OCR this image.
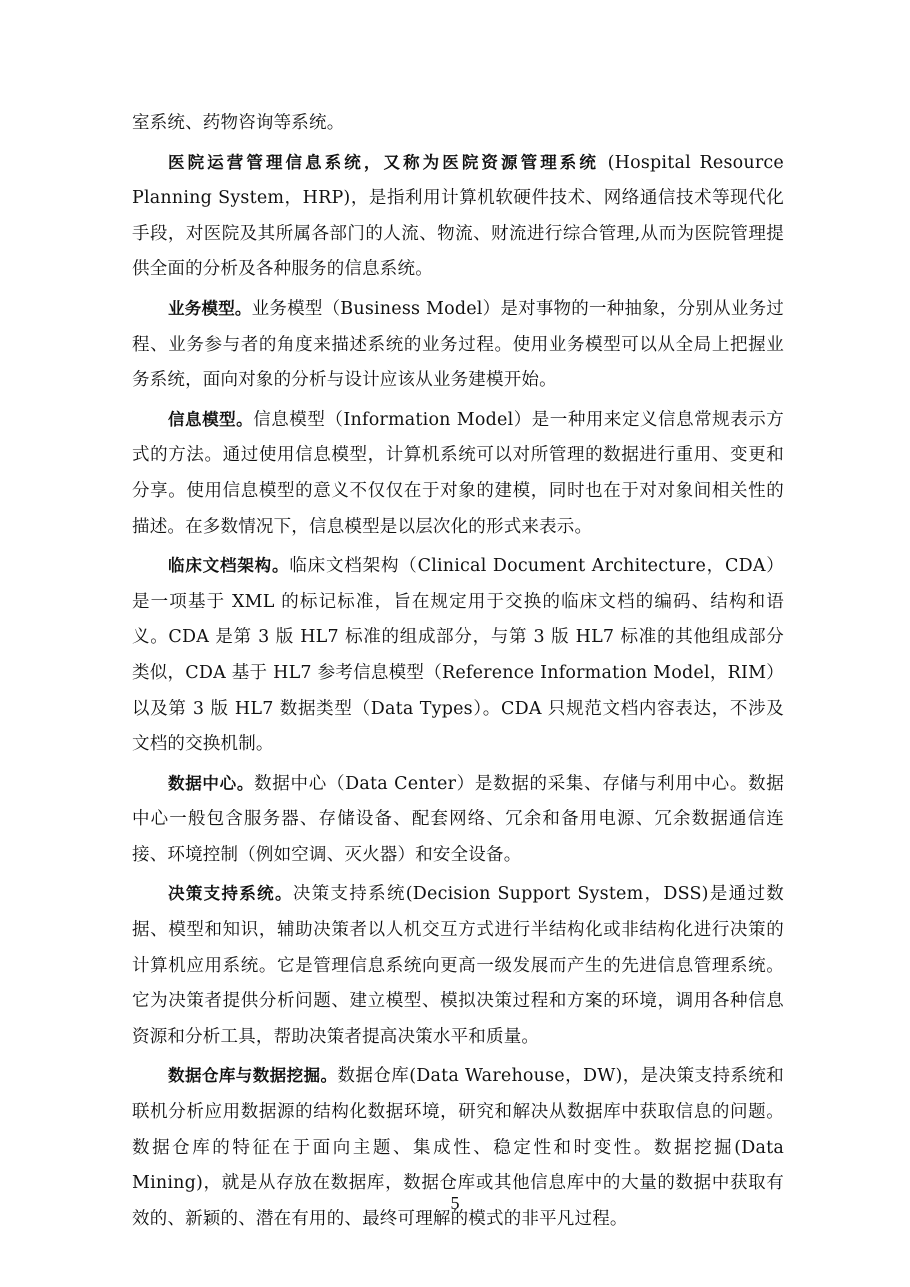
室系统、药物咨询等系统。

医院运营管理信息系统，又称为医院资源管理系统 (Hospital Resource Planning System，HRP)，是指利用计算机软硬件技术、网络通信技术等现代化手段，对医院及其所属各部门的人流、物流、财流进行综合管理,从而为医院管理提供全面的分析及各种服务的信息系统。

业务模型。业务模型（Business Model）是对事物的一种抽象，分别从业务过程、业务参与者的角度来描述系统的业务过程。使用业务模型可以从全局上把握业务系统，面向对象的分析与设计应该从业务建模开始。

信息模型。信息模型（Information Model）是一种用来定义信息常规表示方式的方法。通过使用信息模型，计算机系统可以对所管理的数据进行重用、变更和分享。使用信息模型的意义不仅仅在于对象的建模，同时也在于对对象间相关性的描述。在多数情况下，信息模型是以层次化的形式来表示。

临床文档架构。临床文档架构（Clinical Document Architecture，CDA）是一项基于 XML 的标记标准，旨在规定用于交换的临床文档的编码、结构和语义。CDA 是第 3 版 HL7 标准的组成部分，与第 3 版 HL7 标准的其他组成部分类似，CDA 基于 HL7 参考信息模型（Reference Information Model，RIM）以及第 3 版 HL7 数据类型（Data Types）。CDA 只规范文档内容表达，不涉及文档的交换机制。

数据中心。数据中心（Data Center）是数据的采集、存储与利用中心。数据中心一般包含服务器、存储设备、配套网络、冗余和备用电源、冗余数据通信连接、环境控制（例如空调、灭火器）和安全设备。

决策支持系统。决策支持系统(Decision Support System，DSS)是通过数据、模型和知识，辅助决策者以人机交互方式进行半结构化或非结构化进行决策的计算机应用系统。它是管理信息系统向更高一级发展而产生的先进信息管理系统。它为决策者提供分析问题、建立模型、模拟决策过程和方案的环境，调用各种信息资源和分析工具，帮助决策者提高决策水平和质量。

数据仓库与数据挖掘。数据仓库(Data Warehouse，DW)，是决策支持系统和联机分析应用数据源的结构化数据环境，研究和解决从数据库中获取信息的问题。数据仓库的特征在于面向主题、集成性、稳定性和时变性。数据挖掘(Data Mining)，就是从存放在数据库，数据仓库或其他信息库中的大量的数据中获取有效的、新颖的、潜在有用的、最终可理解的模式的非平凡过程。

5
